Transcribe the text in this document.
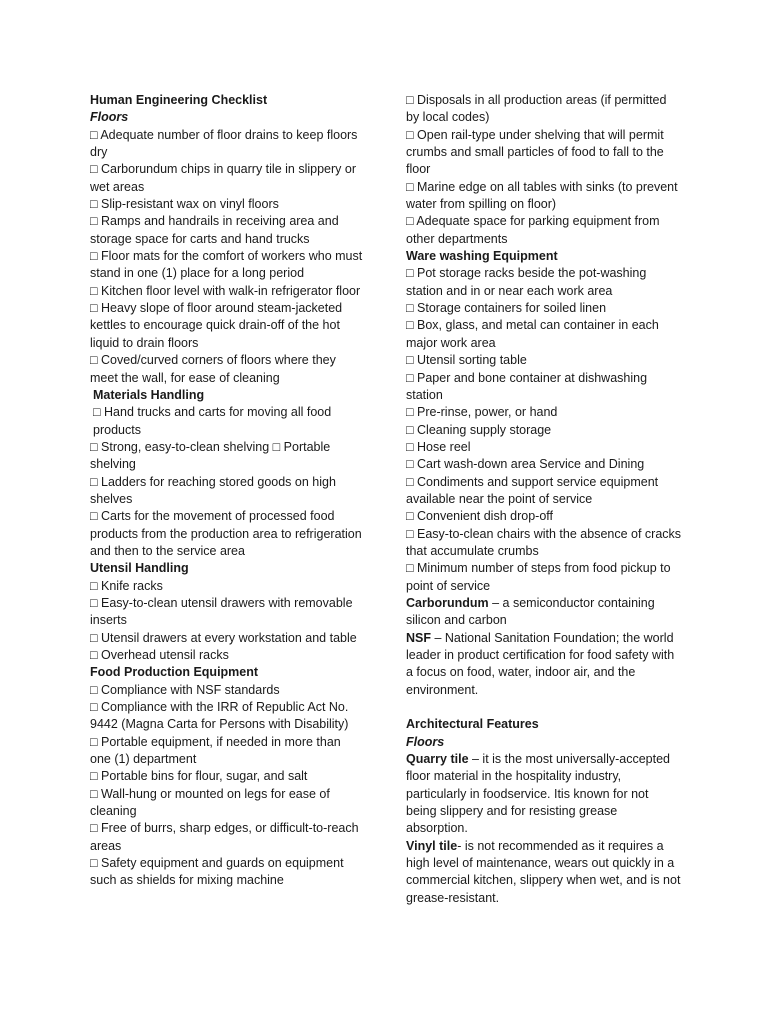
Human Engineering Checklist
Floors
□ Adequate number of floor drains to keep floors dry
□ Carborundum chips in quarry tile in slippery or wet areas
□ Slip-resistant wax on vinyl floors
□ Ramps and handrails in receiving area and storage space for carts and hand trucks
□ Floor mats for the comfort of workers who must stand in one (1) place for a long period
□ Kitchen floor level with walk-in refrigerator floor
□ Heavy slope of floor around steam-jacketed kettles to encourage quick drain-off of the hot liquid to drain floors
□ Coved/curved corners of floors where they meet the wall, for ease of cleaning
Materials Handling
□ Hand trucks and carts for moving all food products
□ Strong, easy-to-clean shelving □ Portable shelving
□ Ladders for reaching stored goods on high shelves
□ Carts for the movement of processed food products from the production area to refrigeration and then to the service area
Utensil Handling
□ Knife racks
□ Easy-to-clean utensil drawers with removable inserts
□ Utensil drawers at every workstation and table
□ Overhead utensil racks
Food Production Equipment
□ Compliance with NSF standards
□ Compliance with the IRR of Republic Act No. 9442 (Magna Carta for Persons with Disability)
□ Portable equipment, if needed in more than one (1) department
□ Portable bins for flour, sugar, and salt
□ Wall-hung or mounted on legs for ease of cleaning
□ Free of burrs, sharp edges, or difficult-to-reach areas
□ Safety equipment and guards on equipment such as shields for mixing machine
□ Disposals in all production areas (if permitted by local codes)
□ Open rail-type under shelving that will permit crumbs and small particles of food to fall to the floor
□ Marine edge on all tables with sinks (to prevent water from spilling on floor)
□ Adequate space for parking equipment from other departments
Ware washing Equipment
□ Pot storage racks beside the pot-washing station and in or near each work area
□ Storage containers for soiled linen
□ Box, glass, and metal can container in each major work area
□ Utensil sorting table
□ Paper and bone container at dishwashing station
□ Pre-rinse, power, or hand
□ Cleaning supply storage
□ Hose reel
□ Cart wash-down area Service and Dining
□ Condiments and support service equipment available near the point of service
□ Convenient dish drop-off
□ Easy-to-clean chairs with the absence of cracks that accumulate crumbs
□ Minimum number of steps from food pickup to point of service
Carborundum – a semiconductor containing silicon and carbon
NSF – National Sanitation Foundation; the world leader in product certification for food safety with a focus on food, water, indoor air, and the environment.
Architectural Features
Floors
Quarry tile – it is the most universally-accepted floor material in the hospitality industry, particularly in foodservice. Itis known for not being slippery and for resisting grease absorption.
Vinyl tile- is not recommended as it requires a high level of maintenance, wears out quickly in a commercial kitchen, slippery when wet, and is not grease-resistant.
